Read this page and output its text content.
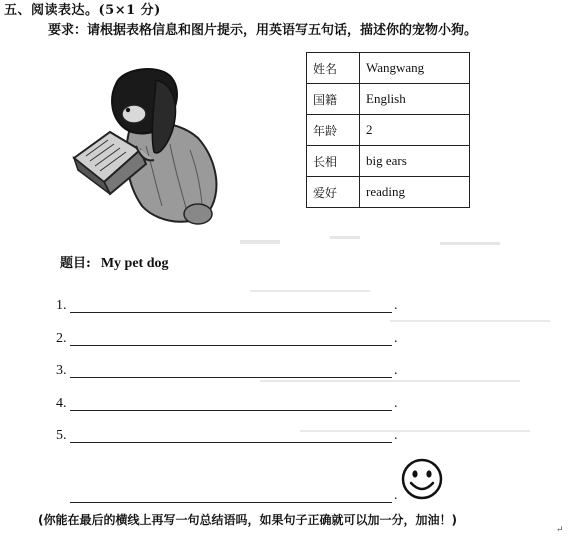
五、阅读表达。(5×1 分)
要求：请根据表格信息和图片提示，用英语写五句话，描述你的宠物小狗。
姓名	Wangwang
国籍	English
年龄	2
长相	big ears
爱好	reading
题目: My pet dog
1.	.
2.	.
3.	.
4.	.
5.	.
.
(你能在最后的横线上再写一句总结语吗，如果句子正确就可以加一分，加油！)
↵
